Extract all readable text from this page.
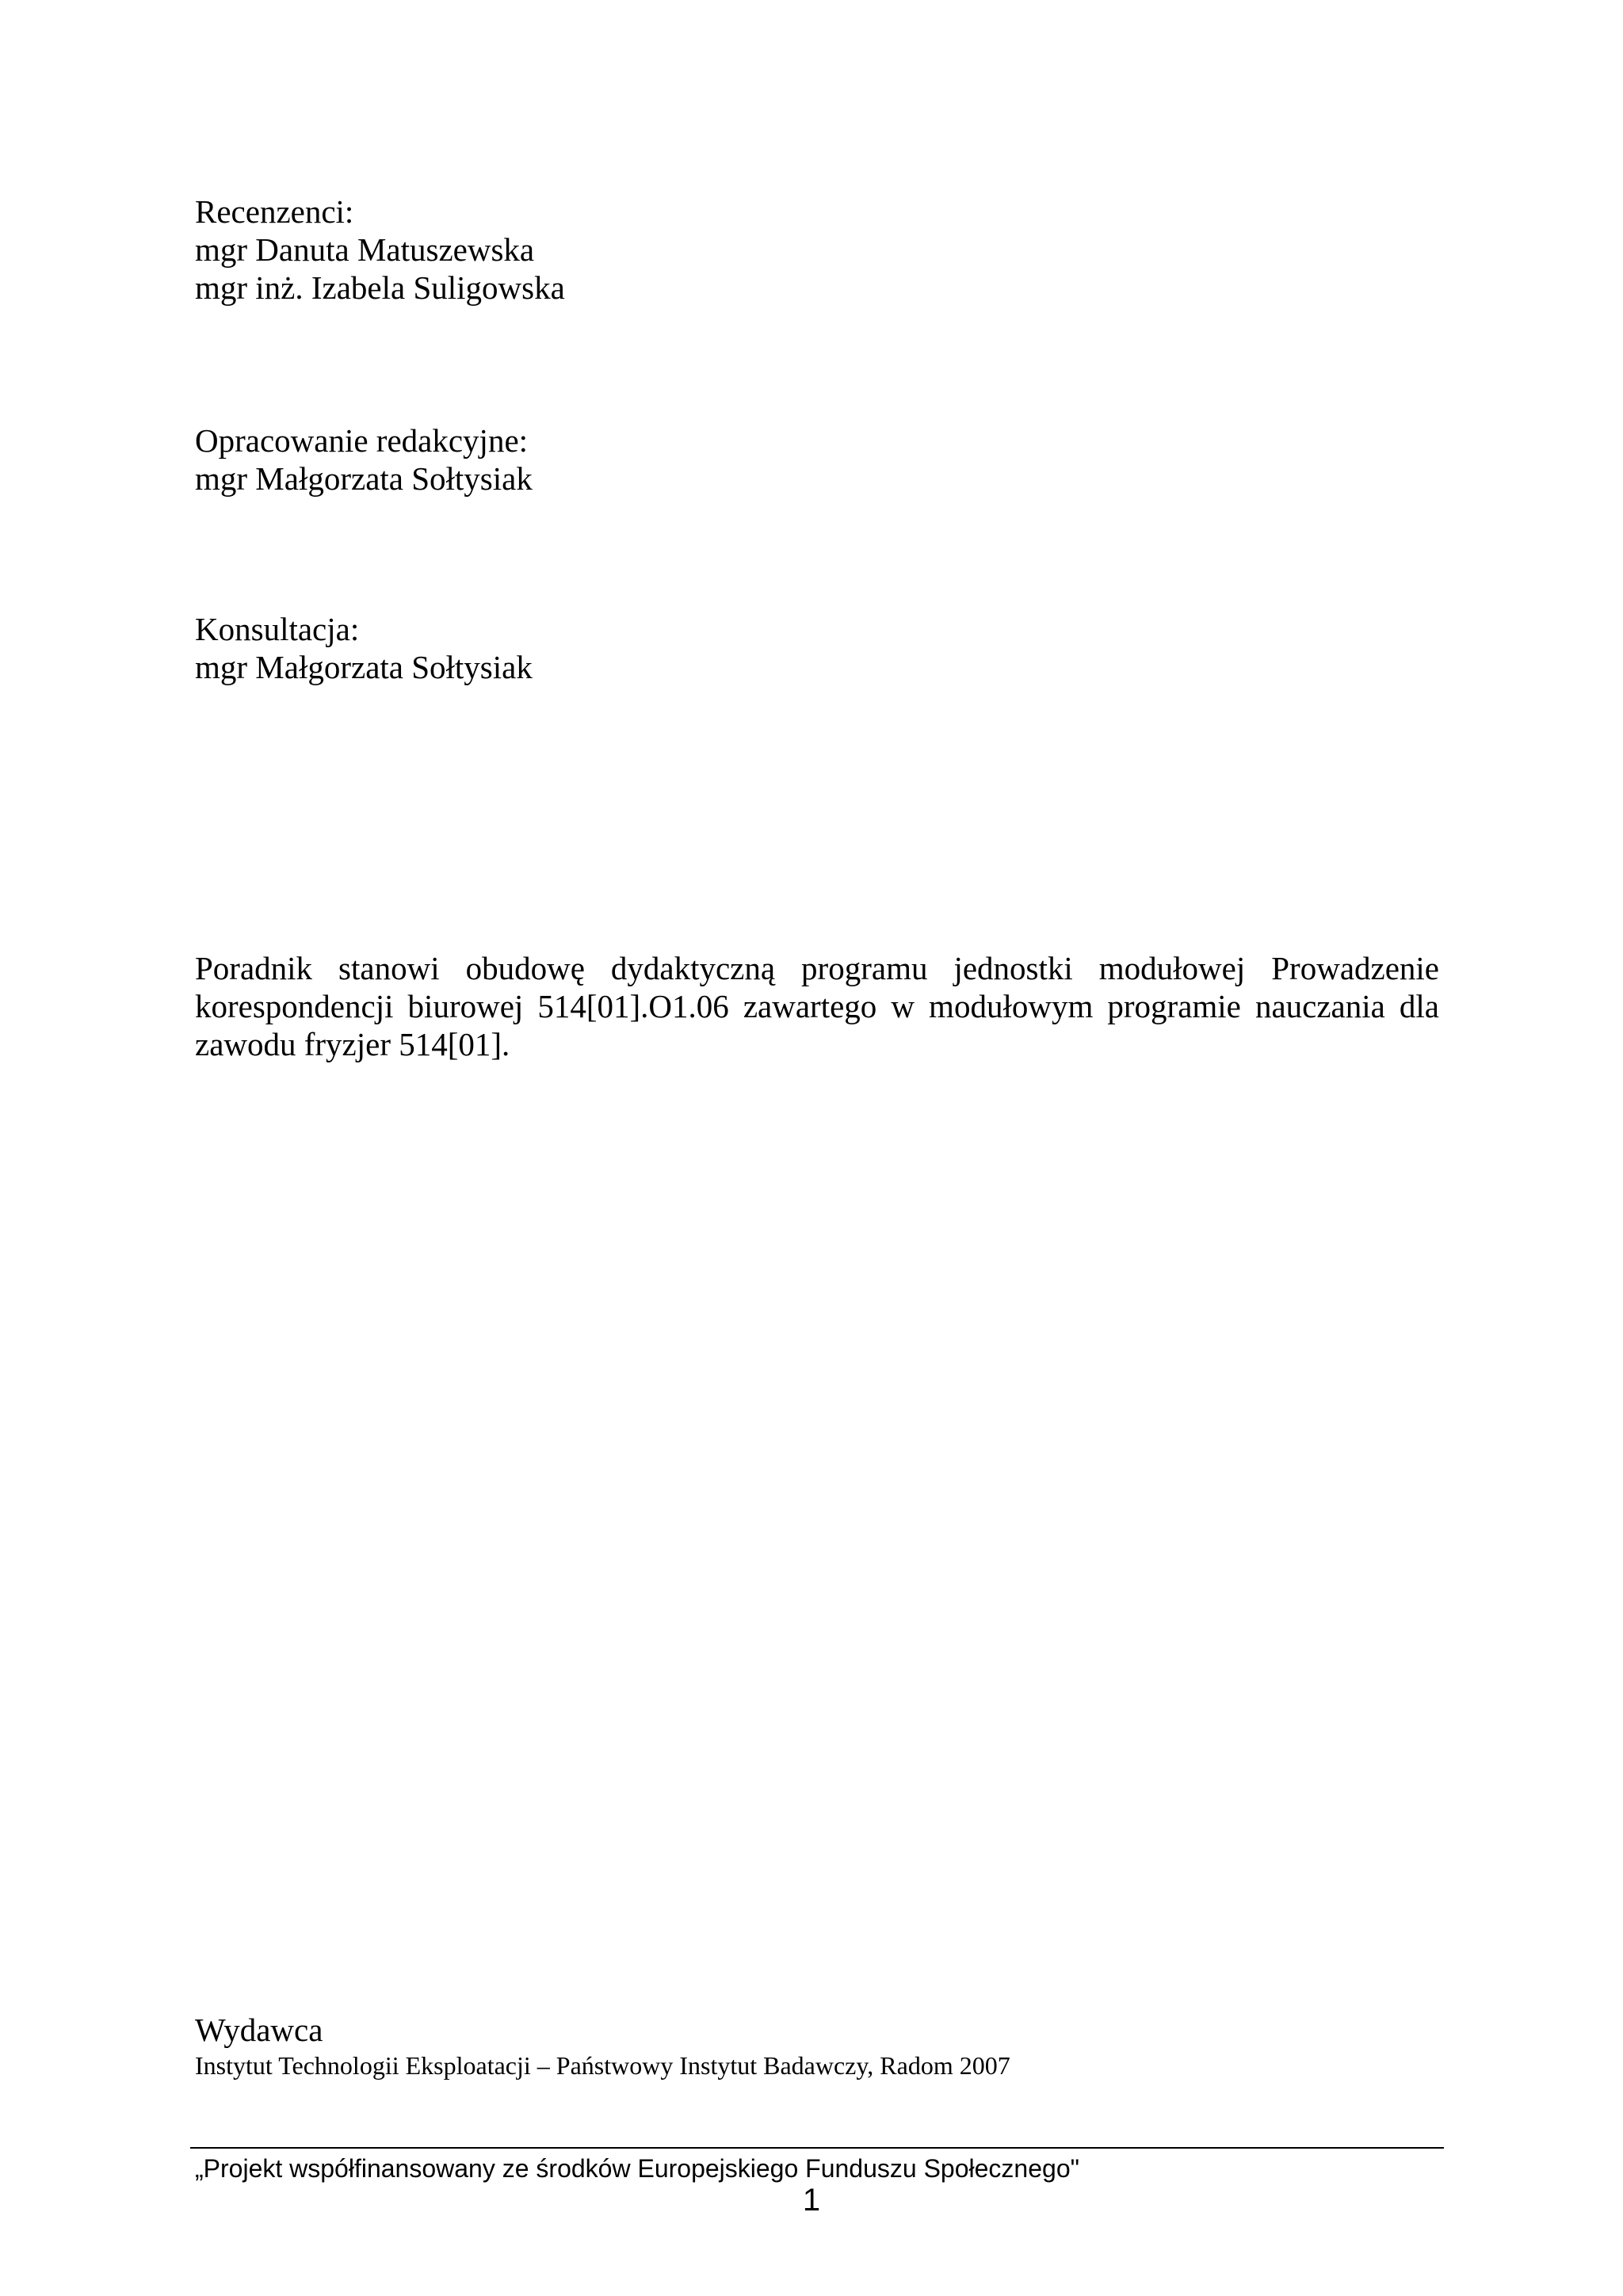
Recenzenci:
mgr Danuta Matuszewska
mgr inż. Izabela Suligowska
Opracowanie redakcyjne:
mgr Małgorzata Sołtysiak
Konsultacja:
mgr Małgorzata Sołtysiak

Poradnik stanowi obudowę dydaktyczną programu jednostki modułowej Prowadzenie korespondencji biurowej 514[01].O1.06 zawartego w modułowym programie nauczania dla zawodu fryzjer 514[01].

Wydawca
Instytut Technologii Eksploatacji – Państwowy Instytut Badawczy, Radom 2007
„Projekt współfinansowany ze środków Europejskiego Funduszu Społecznego"
1
